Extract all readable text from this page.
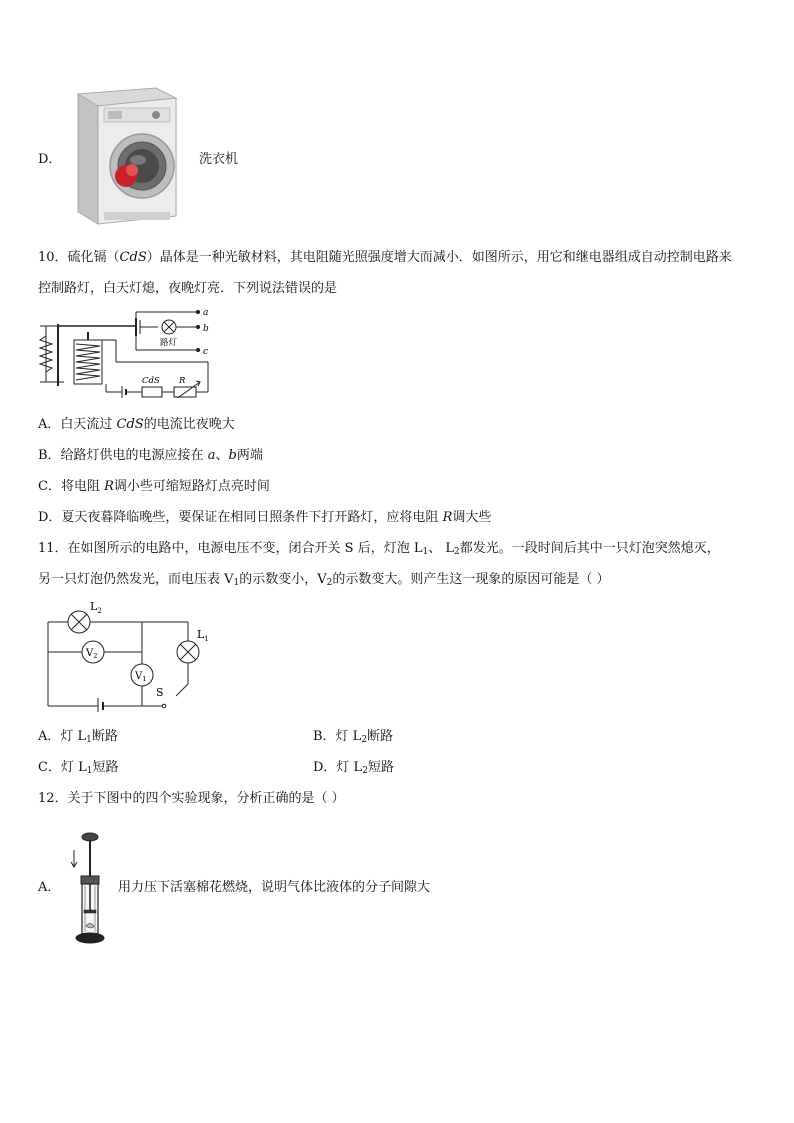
D．	洗衣机
10．硫化镉（CdS）晶体是一种光敏材料，其电阻随光照强度增大而减小．如图所示，用它和继电器组成自动控制电路来
控制路灯，白天灯熄，夜晚灯亮．下列说法错误的是
a
b
c
路灯
CdS R
A．白天流过 CdS的电流比夜晚大
B．给路灯供电的电源应接在 a、b两端
C．将电阻 R调小些可缩短路灯点亮时间
D．夏天夜暮降临晚些，要保证在相同日照条件下打开路灯，应将电阻 R调大些
11．在如图所示的电路中，电源电压不变，闭合开关 S 后，灯泡 $L_1$、 $L_2$都发光。一段时间后其中一只灯泡突然熄灭，
另一只灯泡仍然发光，而电压表 $V_1$的示数变小，$V_2$的示数变大。则产生这一现象的原因可能是（ ）
$L_2$
$L_1$
$V_2$
$V_1$
S
A．灯 $L_1$断路	B．灯 $L_2$断路
C．灯 $L_1$短路	D．灯 $L_2$短路
12．关于下图中的四个实验现象，分析正确的是（ ）
A．	用力压下活塞棉花燃烧，说明气体比液体的分子间隙大
